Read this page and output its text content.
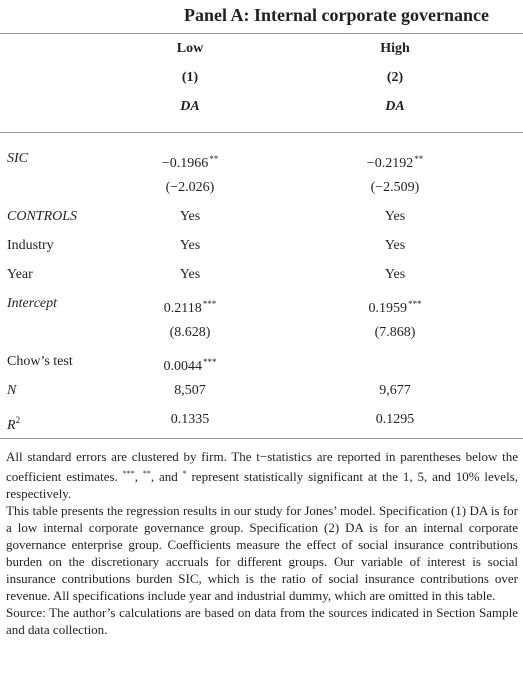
Panel A: Internal corporate governance
Low	High
(1)	(2)
DA	DA
SIC	−0.1966**	−0.2192**
(−2.026)	(−2.509)
CONTROLS	Yes	Yes
Industry	Yes	Yes
Year	Yes	Yes
Intercept	0.2118***	0.1959***
(8.628)	(7.868)
Chow’s test	0.0044***
N	8,507	9,677
$R^2$	0.1335	0.1295

All standard errors are clustered by firm. The t−statistics are reported in parentheses below the coefficient estimates. ***, **, and * represent statistically significant at the 1, 5, and 10% levels, respectively.

This table presents the regression results in our study for Jones’ model. Specification (1) DA is for a low internal corporate governance group. Specification (2) DA is for an internal corporate governance enterprise group. Coefficients measure the effect of social insurance contributions burden on the discretionary accruals for different groups. Our variable of interest is social insurance contributions burden SIC, which is the ratio of social insurance contributions over revenue. All specifications include year and industrial dummy, which are omitted in this table.

Source: The author’s calculations are based on data from the sources indicated in Section Sample and data collection.
